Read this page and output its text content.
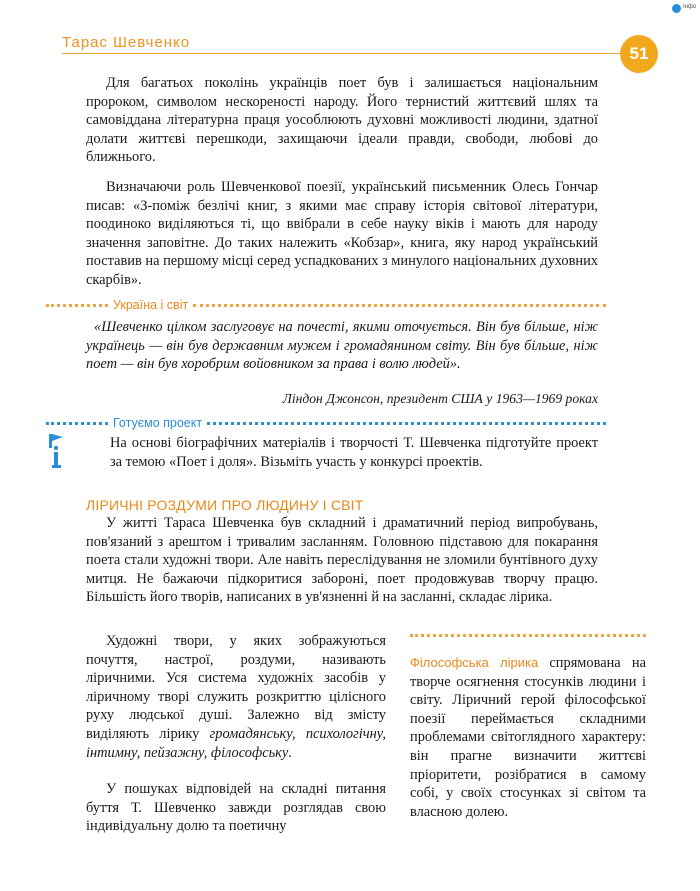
Інфо
Тарас Шевченко
51

Для багатьох поколінь українців поет був і залишається національним пророком, символом нескореності народу. Його тернистий життєвий шлях та самовіддана літературна праця уособлюють духовні можливості людини, здатної долати життєві перешкоди, захищаючи ідеали правди, свободи, любові до ближнього.

Визначаючи роль Шевченкової поезії, український письменник Олесь Гончар писав: «З-поміж безлічі книг, з якими має справу історія світової літератури, поодиноко виділяються ті, що ввібрали в себе науку віків і мають для народу значення заповітне. До таких належить «Кобзар», книга, яку народ український поставив на першому місці серед успадкованих з минулого національних духовних скарбів».

Україна і світ

«Шевченко цілком заслуговує на почесті, якими оточується. Він був більше, ніж українець — він був державним мужем і громадянином світу. Він був більше, ніж поет — він був хоробрим войовником за права і волю людей».

Ліндон Джонсон, президент США у 1963—1969 роках
Готуємо проект

На основі біографічних матеріалів і творчості Т. Шевченка підготуйте проект за темою «Поет і доля». Візьміть участь у конкурсі проектів.

ЛІРИЧНІ РОЗДУМИ ПРО ЛЮДИНУ І СВІТ

У житті Тараса Шевченка був складний і драматичний період випробувань, пов'язаний з арештом і тривалим засланням. Головною підставою для покарання поета стали художні твори. Але навіть переслідування не зломили бунтівного духу митця. Не бажаючи підкоритися забороні, поет продовжував творчу працю. Більшість його творів, написаних в ув'язненні й на засланні, складає лірика.

Художні твори, у яких зображуються почуття, настрої, роздуми, називають ліричними. Уся система художніх засобів у ліричному творі служить розкриттю цілісного руху людської душі. Залежно від змісту виділяють лірику громадянську, психологічну, інтимну, пейзажну, філософську.

У пошуках відповідей на складні питання буття Т. Шевченко завжди розглядав свою індивідуальну долю та поетичну

Філософська лірика спрямована на творче осягнення стосунків людини і світу. Ліричний герой філософської поезії переймається складними проблемами світоглядного характеру: він прагне визначити життєві пріоритети, розібратися в самому собі, у своїх стосунках зі світом та власною долею.
